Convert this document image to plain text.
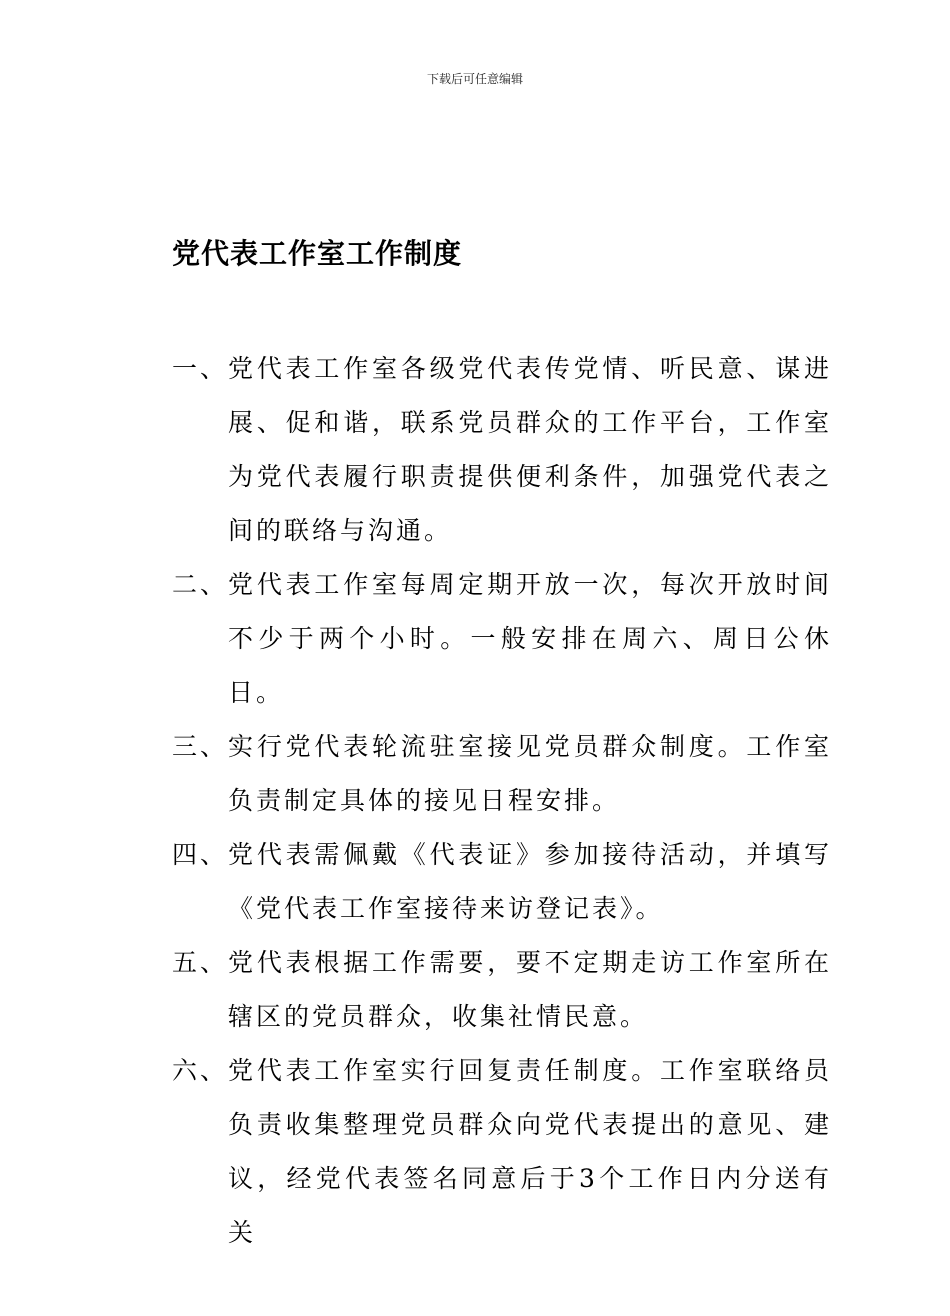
下载后可任意编辑
党代表工作室工作制度
一、 党代表工作室各级党代表传党情、听民意、谋进展、促和谐，联系党员群众的工作平台，工作室为党代表履行职责提供便利条件，加强党代表之间的联络与沟通。
二、 党代表工作室每周定期开放一次，每次开放时间不少于两个小时。一般安排在周六、周日公休日。
三、 实行党代表轮流驻室接见党员群众制度。工作室负责制定具体的接见日程安排。
四、 党代表需佩戴《代表证》参加接待活动，并填写《党代表工作室接待来访登记表》。
五、 党代表根据工作需要，要不定期走访工作室所在辖区的党员群众，收集社情民意。
六、 党代表工作室实行回复责任制度。工作室联络员负责收集整理党员群众向党代表提出的意见、建议，经党代表签名同意后于3个工作日内分送有关
